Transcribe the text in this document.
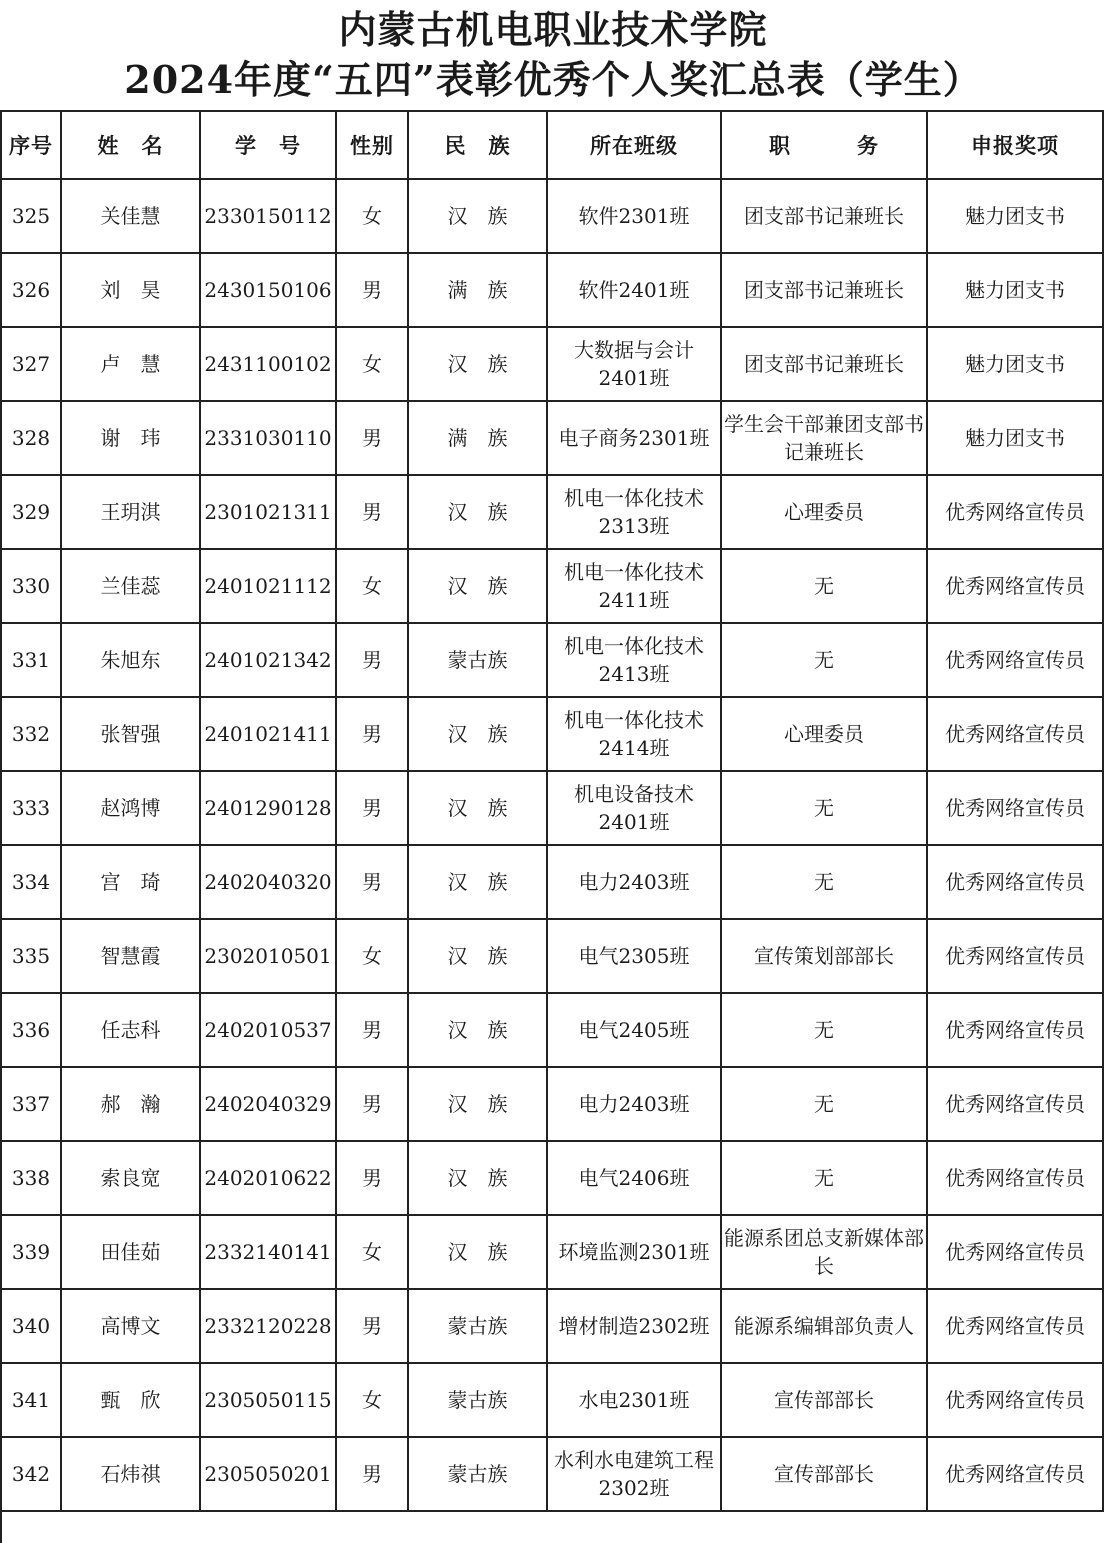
内蒙古机电职业技术学院
2024年度“五四”表彰优秀个人奖汇总表（学生）
序号	姓　名	学　号	性别	民　族	所在班级	职　　　务	申报奖项
325	关佳慧	2330150112	女	汉　族	软件2301班	团支部书记兼班长	魅力团支书
326	刘　昊	2430150106	男	满　族	软件2401班	团支部书记兼班长	魅力团支书
327	卢　慧	2431100102	女	汉　族	大数据与会计2401班	团支部书记兼班长	魅力团支书
328	谢　玮	2331030110	男	满　族	电子商务2301班	学生会干部兼团支部书记兼班长	魅力团支书
329	王玥淇	2301021311	男	汉　族	机电一体化技术2313班	心理委员	优秀网络宣传员
330	兰佳蕊	2401021112	女	汉　族	机电一体化技术2411班	无	优秀网络宣传员
331	朱旭东	2401021342	男	蒙古族	机电一体化技术2413班	无	优秀网络宣传员
332	张智强	2401021411	男	汉　族	机电一体化技术2414班	心理委员	优秀网络宣传员
333	赵鸿博	2401290128	男	汉　族	机电设备技术2401班	无	优秀网络宣传员
334	宫　琦	2402040320	男	汉　族	电力2403班	无	优秀网络宣传员
335	智慧霞	2302010501	女	汉　族	电气2305班	宣传策划部部长	优秀网络宣传员
336	任志科	2402010537	男	汉　族	电气2405班	无	优秀网络宣传员
337	郝　瀚	2402040329	男	汉　族	电力2403班	无	优秀网络宣传员
338	索良宽	2402010622	男	汉　族	电气2406班	无	优秀网络宣传员
339	田佳茹	2332140141	女	汉　族	环境监测2301班	能源系团总支新媒体部长	优秀网络宣传员
340	高博文	2332120228	男	蒙古族	增材制造2302班	能源系编辑部负责人	优秀网络宣传员
341	甄　欣	2305050115	女	蒙古族	水电2301班	宣传部部长	优秀网络宣传员
342	石炜祺	2305050201	男	蒙古族	水利水电建筑工程2302班	宣传部部长	优秀网络宣传员
